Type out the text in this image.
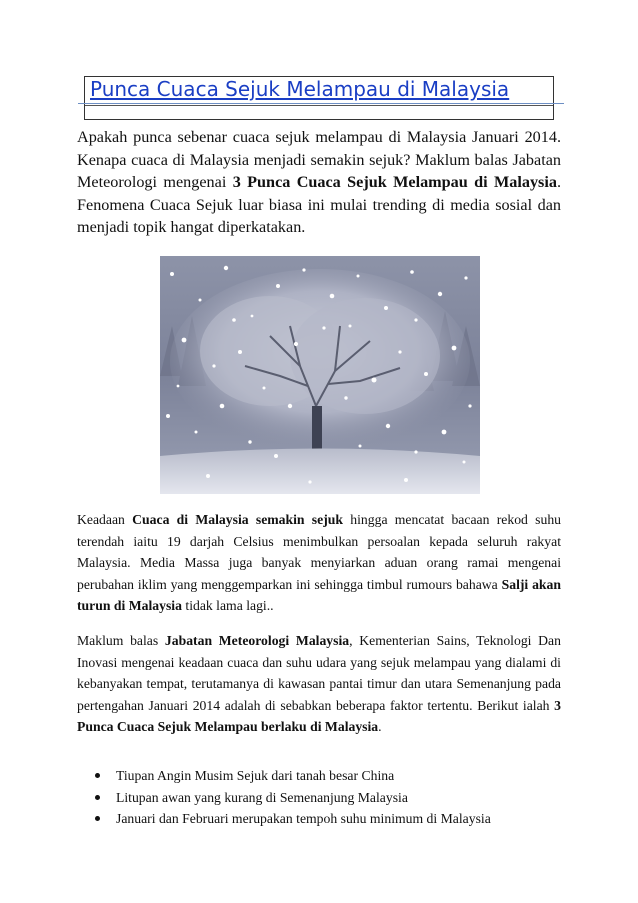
Punca Cuaca Sejuk Melampau di Malaysia

Apakah punca sebenar cuaca sejuk melampau di Malaysia Januari 2014. Kenapa cuaca di Malaysia menjadi semakin sejuk? Maklum balas Jabatan Meteorologi mengenai 3 Punca Cuaca Sejuk Melampau di Malaysia. Fenomena Cuaca Sejuk luar biasa ini mulai trending di media sosial dan menjadi topik hangat diperkatakan.

Keadaan Cuaca di Malaysia semakin sejuk hingga mencatat bacaan rekod suhu terendah iaitu 19 darjah Celsius menimbulkan persoalan kepada seluruh rakyat Malaysia. Media Massa juga banyak menyiarkan aduan orang ramai mengenai perubahan iklim yang menggemparkan ini sehingga timbul rumours bahawa Salji akan turun di Malaysia tidak lama lagi..

Maklum balas Jabatan Meteorologi Malaysia, Kementerian Sains, Teknologi Dan Inovasi mengenai keadaan cuaca dan suhu udara yang sejuk melampau yang dialami di kebanyakan tempat, terutamanya di kawasan pantai timur dan utara Semenanjung pada pertengahan Januari 2014 adalah di sebabkan beberapa faktor tertentu. Berikut ialah 3 Punca Cuaca Sejuk Melampau berlaku di Malaysia.

Tiupan Angin Musim Sejuk dari tanah besar China
Litupan awan yang kurang di Semenanjung Malaysia
Januari dan Februari merupakan tempoh suhu minimum di Malaysia
